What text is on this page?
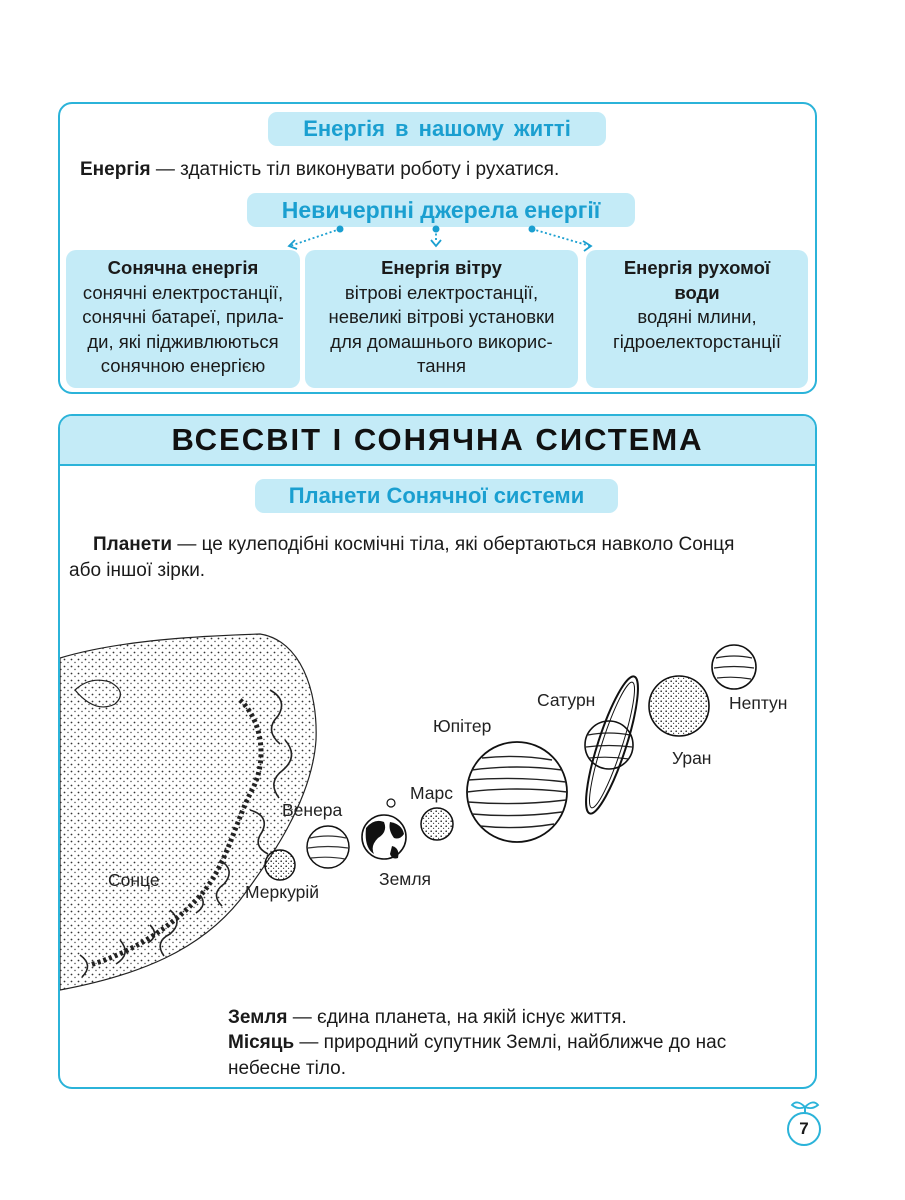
Енергія в нашому житті
Енергія — здатність тіл виконувати роботу і рухатися.
Невичерпні джерела енергії
Сонячна енергія
сонячні електростанції,
сонячні батареї, прила-
ди, які підживлюються
сонячною енергією
Енергія вітру
вітрові електростанції,
невеликі вітрові установки
для домашнього викорис-
тання
Енергія рухомої
води
водяні млини,
гідроелекторстанції
ВСЕСВІТ І СОНЯЧНА СИСТЕМА
Планети Сонячної системи
Планети — це кулеподібні космічні тіла, які обертаються навколо Сонця
або іншої зірки.
Сонце
Меркурій
Венера
Земля
Марс
Юпітер
Сатурн
Уран
Нептун
Земля — єдина планета, на якій існує життя.
Місяць — природний супутник Землі, найближче до нас
небесне тіло.
7
